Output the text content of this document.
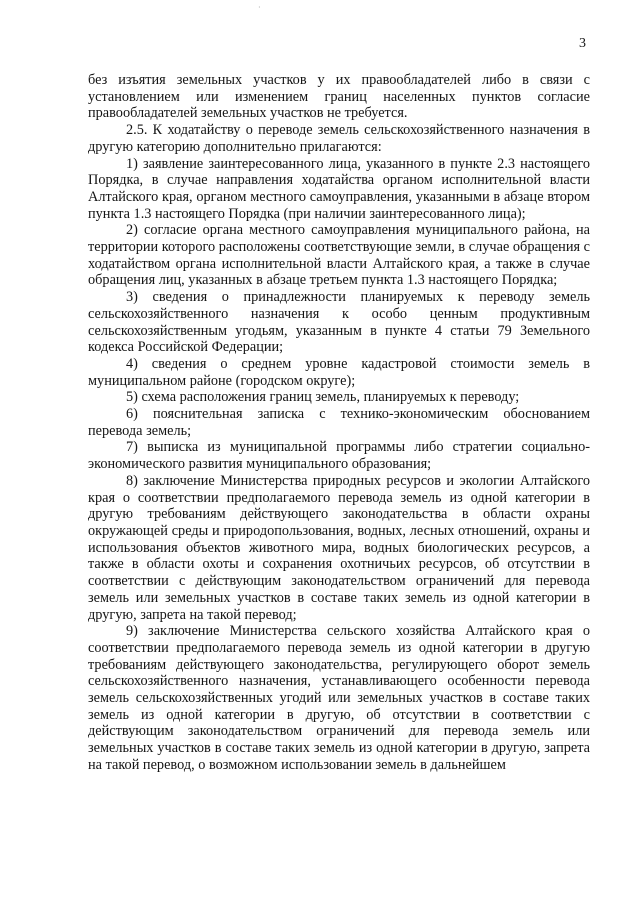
·
3

без изъятия земельных участков у их правообладателей либо в связи с установлением или изменением границ населенных пунктов согласие правообладателей земельных участков не требуется.

2.5. К ходатайству о переводе земель сельскохозяйственного назначения в другую категорию дополнительно прилагаются:

1) заявление заинтересованного лица, указанного в пункте 2.3 настоящего Порядка, в случае направления ходатайства органом исполнительной власти Алтайского края, органом местного самоуправления, указанными в абзаце втором пункта 1.3 настоящего Порядка (при наличии заинтересованного лица);

2) согласие органа местного самоуправления муниципального района, на территории которого расположены соответствующие земли, в случае обращения с ходатайством органа исполнительной власти Алтайского края, а также в случае обращения лиц, указанных в абзаце третьем пункта 1.3 настоящего Порядка;

3) сведения о принадлежности планируемых к переводу земель сельскохозяйственного назначения к особо ценным продуктивным сельскохозяйственным угодьям, указанным в пункте 4 статьи 79 Земельного кодекса Российской Федерации;

4) сведения о среднем уровне кадастровой стоимости земель в муниципальном районе (городском округе);

5) схема расположения границ земель, планируемых к переводу;

6) пояснительная записка с технико-экономическим обоснованием перевода земель;

7) выписка из муниципальной программы либо стратегии социально-экономического развития муниципального образования;

8) заключение Министерства природных ресурсов и экологии Алтайского края о соответствии предполагаемого перевода земель из одной категории в другую требованиям действующего законодательства в области охраны окружающей среды и природопользования, водных, лесных отношений, охраны и использования объектов животного мира, водных биологических ресурсов, а также в области охоты и сохранения охотничьих ресурсов, об отсутствии в соответствии с действующим законодательством ограничений для перевода земель или земельных участков в составе таких земель из одной категории в другую, запрета на такой перевод;

9) заключение Министерства сельского хозяйства Алтайского края о соответствии предполагаемого перевода земель из одной категории в другую требованиям действующего законодательства, регулирующего оборот земель сельскохозяйственного назначения, устанавливающего особенности перевода земель сельскохозяйственных угодий или земельных участков в составе таких земель из одной категории в другую, об отсутствии в соответствии с действующим законодательством ограничений для перевода земель или земельных участков в составе таких земель из одной категории в другую, запрета на такой перевод, о возможном использовании земель в дальнейшем
